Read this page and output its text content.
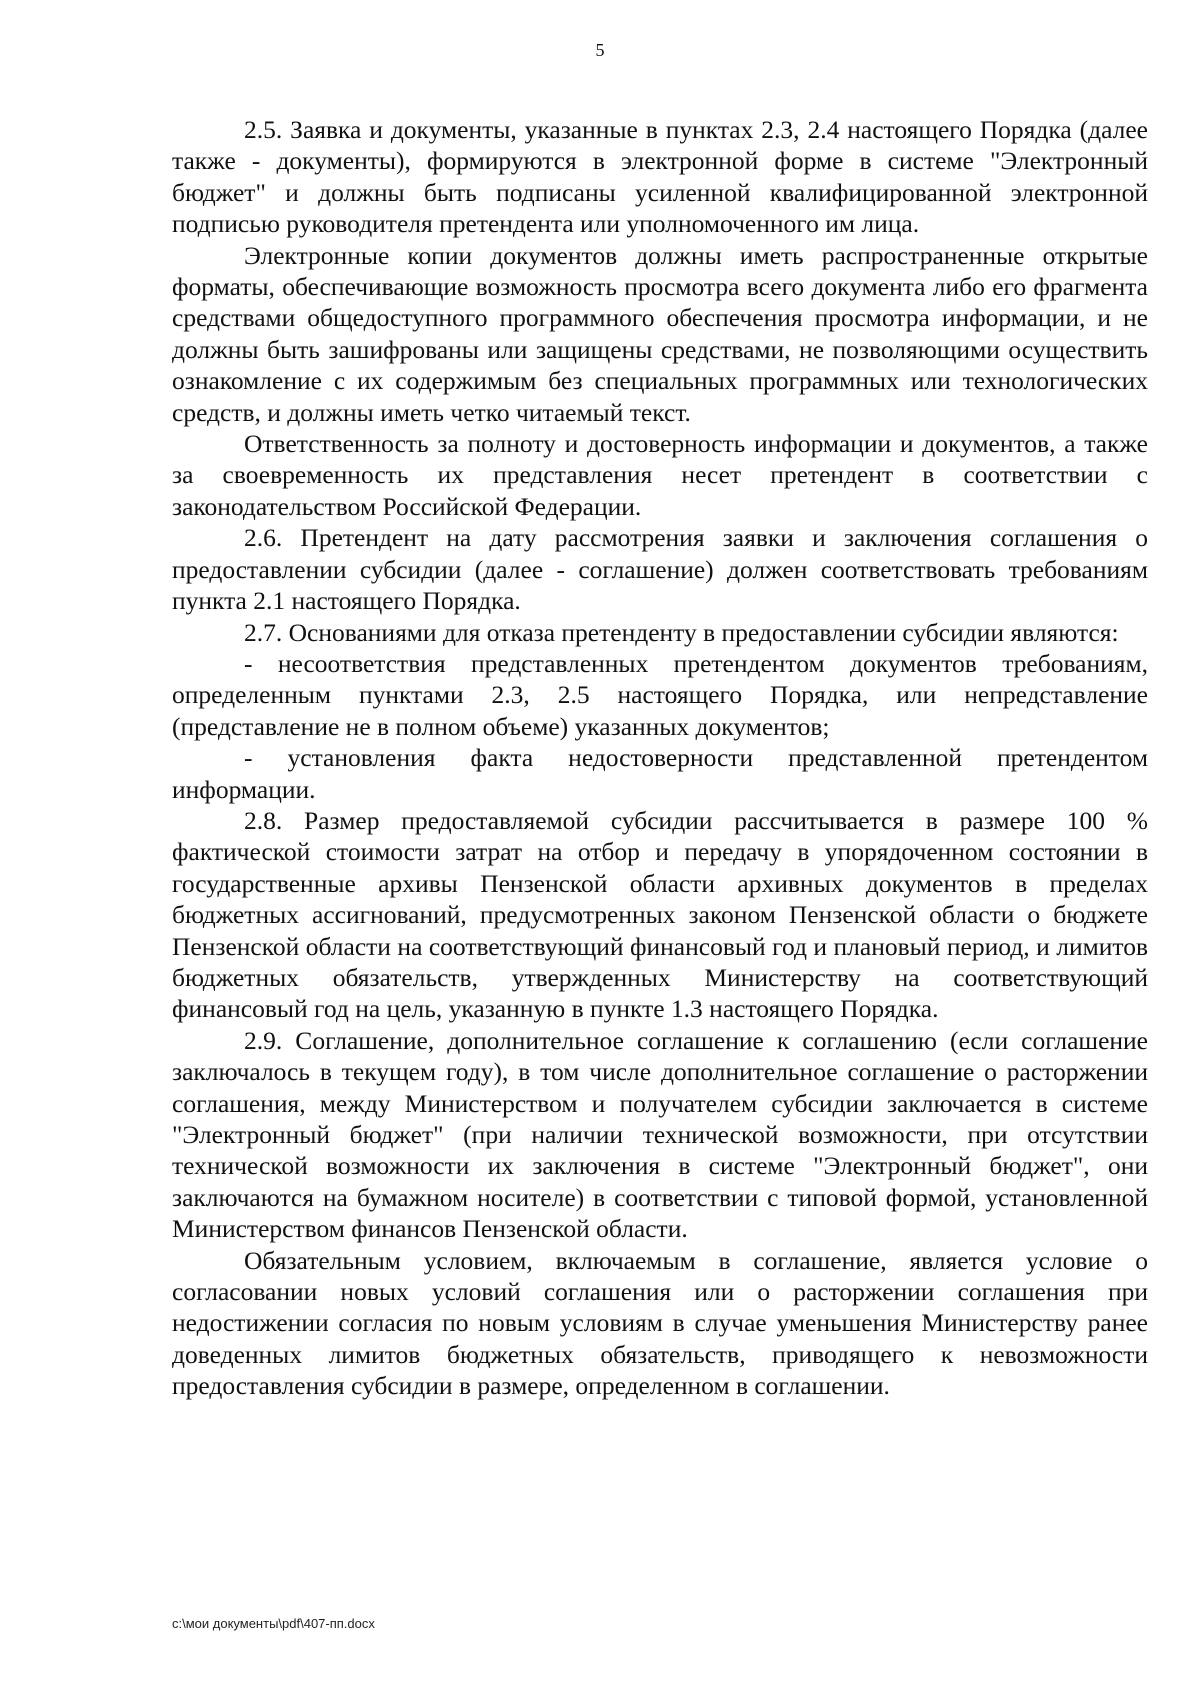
5

2.5. Заявка и документы, указанные в пунктах 2.3, 2.4 настоящего Порядка (далее также - документы), формируются в электронной форме в системе "Электронный бюджет" и должны быть подписаны усиленной квалифицированной электронной подписью руководителя претендента или уполномоченного им лица.

Электронные копии документов должны иметь распространенные открытые форматы, обеспечивающие возможность просмотра всего документа либо его фрагмента средствами общедоступного программного обеспечения просмотра информации, и не должны быть зашифрованы или защищены средствами, не позволяющими осуществить ознакомление с их содержимым без специальных программных или технологических средств, и должны иметь четко читаемый текст.

Ответственность за полноту и достоверность информации и документов, а также за своевременность их представления несет претендент в соответствии с законодательством Российской Федерации.

2.6. Претендент на дату рассмотрения заявки и заключения соглашения о предоставлении субсидии (далее - соглашение) должен соответствовать требованиям пункта 2.1 настоящего Порядка.

2.7. Основаниями для отказа претенденту в предоставлении субсидии являются:

- несоответствия представленных претендентом документов требованиям, определенным пунктами 2.3, 2.5 настоящего Порядка, или непредставление (представление не в полном объеме) указанных документов;

- установления факта недостоверности представленной претендентом информации.

2.8. Размер предоставляемой субсидии рассчитывается в размере 100 % фактической стоимости затрат на отбор и передачу в упорядоченном состоянии в государственные архивы Пензенской области архивных документов в пределах бюджетных ассигнований, предусмотренных законом Пензенской области о бюджете Пензенской области на соответствующий финансовый год и плановый период, и лимитов бюджетных обязательств, утвержденных Министерству на соответствующий финансовый год на цель, указанную в пункте 1.3 настоящего Порядка.

2.9. Соглашение, дополнительное соглашение к соглашению (если соглашение заключалось в текущем году), в том числе дополнительное соглашение о расторжении соглашения, между Министерством и получателем субсидии заключается в системе "Электронный бюджет" (при наличии технической возможности, при отсутствии технической возможности их заключения в системе "Электронный бюджет", они заключаются на бумажном носителе) в соответствии с типовой формой, установленной Министерством финансов Пензенской области.

Обязательным условием, включаемым в соглашение, является условие о согласовании новых условий соглашения или о расторжении соглашения при недостижении согласия по новым условиям в случае уменьшения Министерству ранее доведенных лимитов бюджетных обязательств, приводящего к невозможности предоставления субсидии в размере, определенном в соглашении.

c:\мои документы\pdf\407-пп.docx
